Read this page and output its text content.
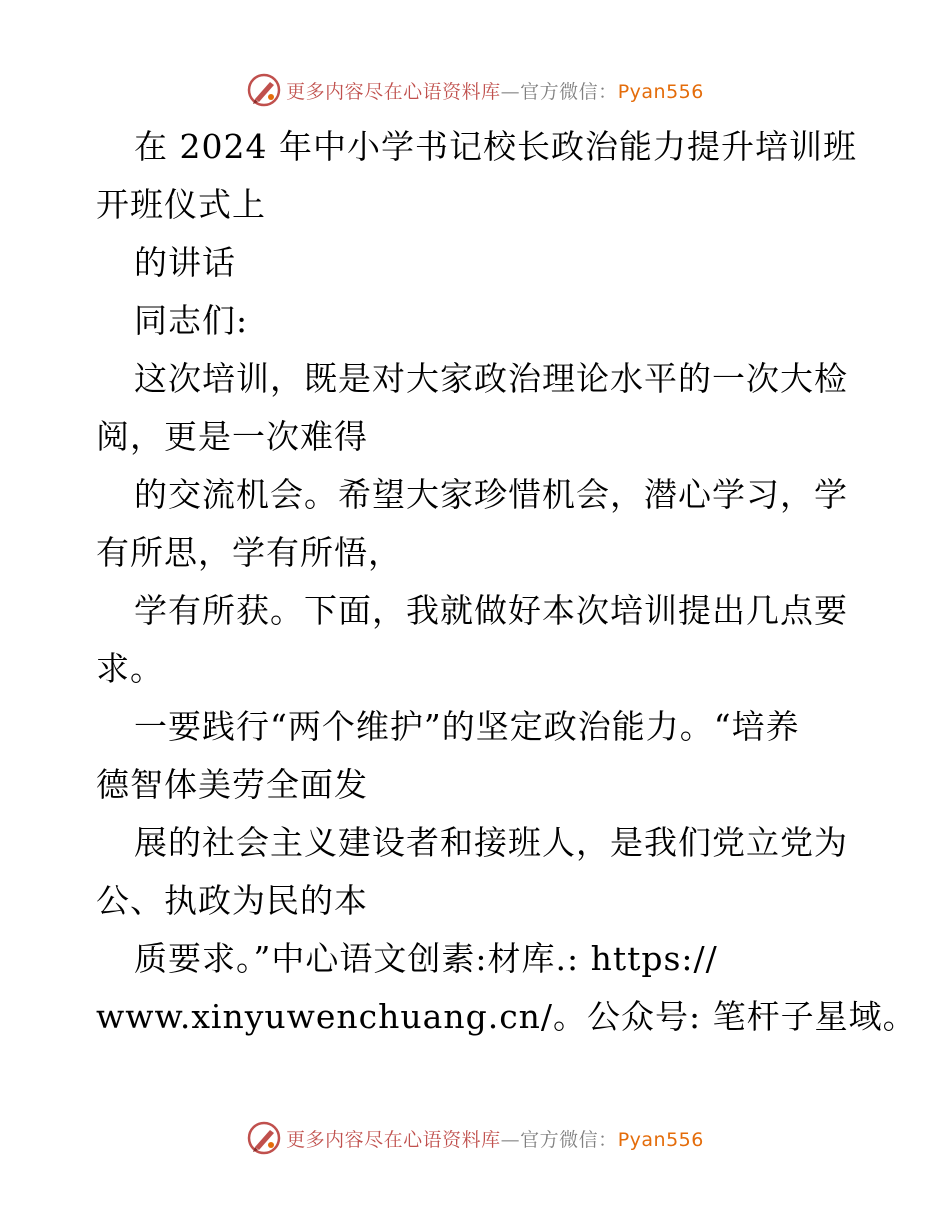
更多内容尽在心语资料库—官方微信：Pyan556
在 2024 年中小学书记校长政治能力提升培训班
开班仪式上
的讲话
同志们:
这次培训，既是对大家政治理论水平的一次大检
阅，更是一次难得
的交流机会。希望大家珍惜机会，潜心学习，学
有所思，学有所悟，
学有所获。下面，我就做好本次培训提出几点要
求。
一要践行“两个维护”的坚定政治能力。“培养
德智体美劳全面发
展的社会主义建设者和接班人，是我们党立党为
公、执政为民的本
质要求。”中心语文创素:材库.: https://
www.xinyuwenchuang.cn/。公众号: 笔杆子星域。
更多内容尽在心语资料库—官方微信：Pyan556
